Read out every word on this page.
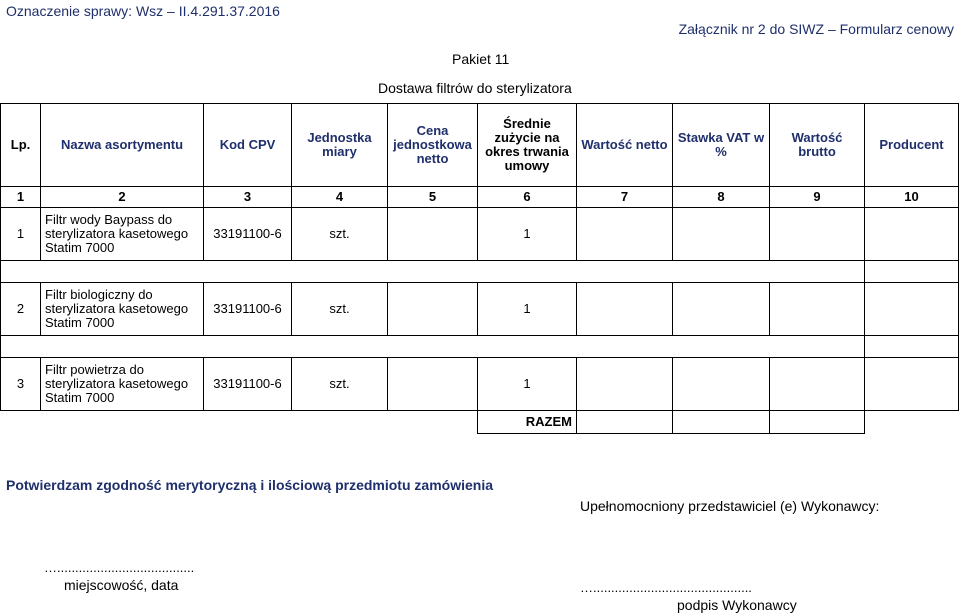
Oznaczenie sprawy: Wsz – II.4.291.37.2016
Załącznik nr 2 do SIWZ – Formularz cenowy
Pakiet 11
Dostawa filtrów do sterylizatora
Lp.	Nazwa asortymentu	Kod CPV	Jednostka miary	Cena jednostkowa netto	Średnie zużycie na okres trwania umowy	Wartość netto	Stawka VAT w %	Wartość brutto	Producent
1	2	3	4	5	6	7	8	9	10
1	Filtr wody Baypass do sterylizatora kasetowego Statim 7000	33191100-6	szt.		1				

2	Filtr biologiczny do sterylizatora kasetowego Statim 7000	33191100-6	szt.		1				

3	Filtr powietrza do sterylizatora kasetowego Statim 7000	33191100-6	szt.		1				
					RAZEM				
Potwierdzam zgodność merytoryczną i ilościową przedmiotu zamówienia
Upełnomocniony przedstawiciel (e) Wykonawcy:
…......................................
miejscowość, data	…............................................
podpis Wykonawcy
